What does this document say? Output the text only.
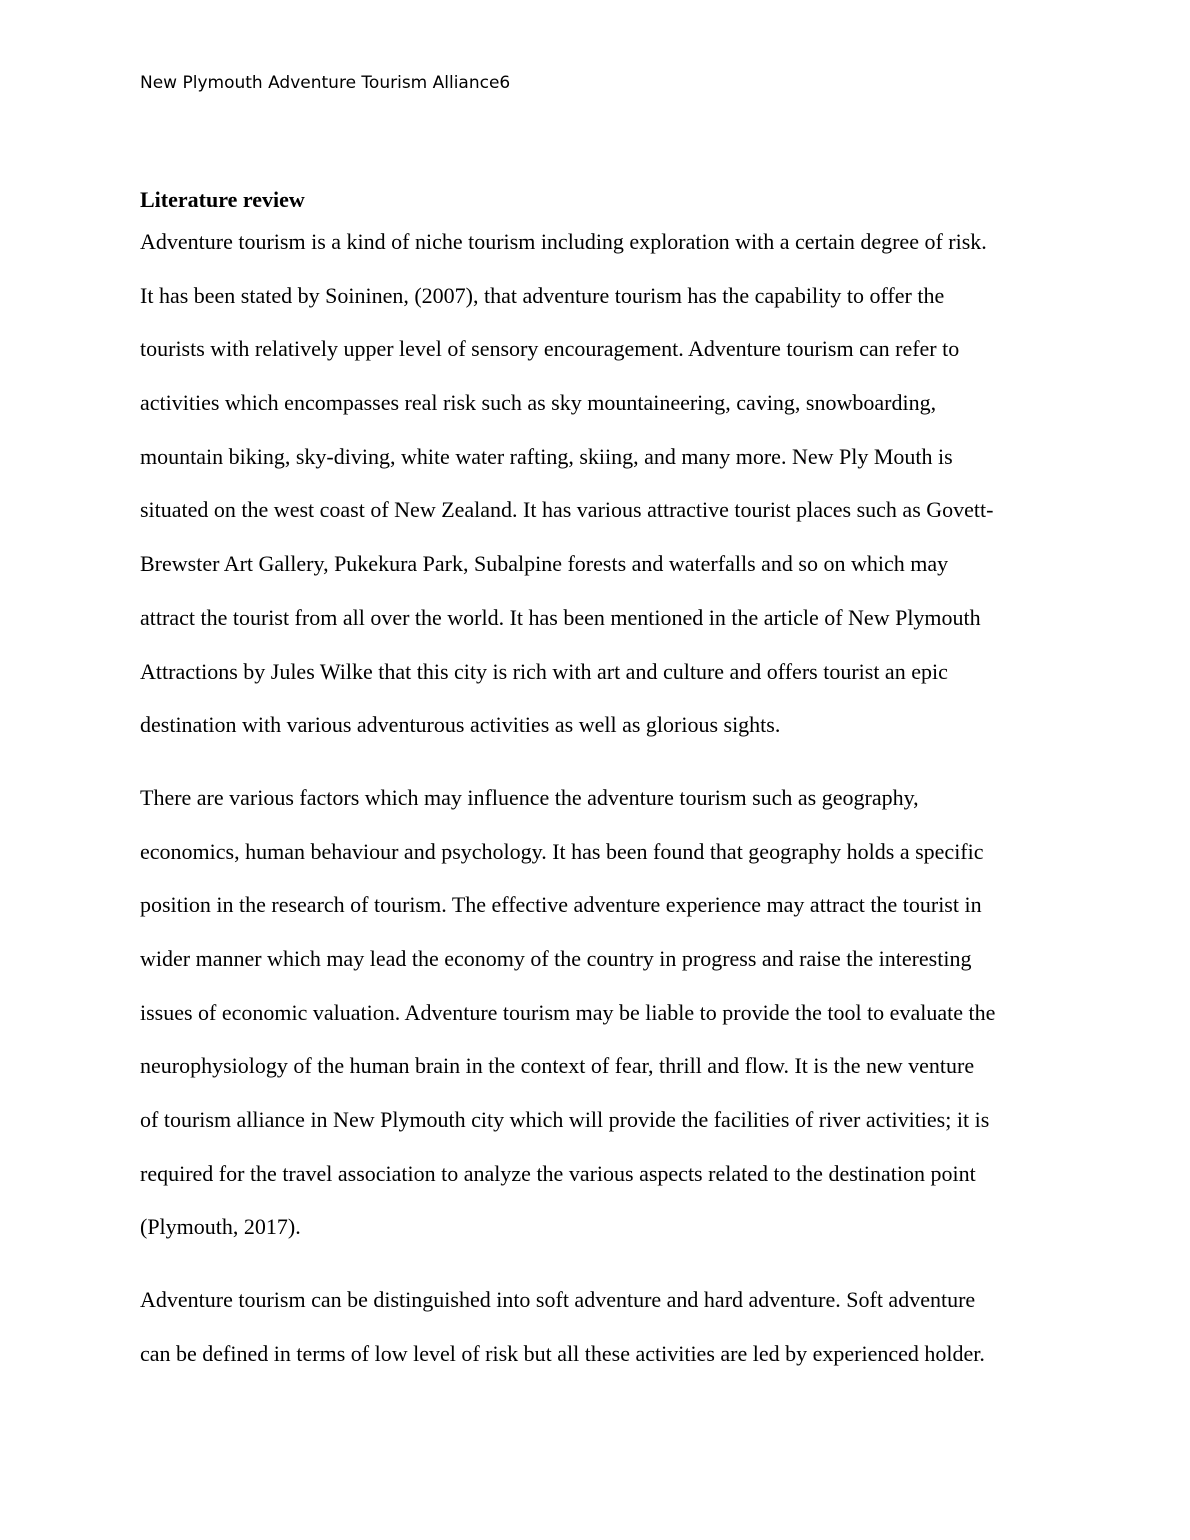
New Plymouth Adventure Tourism Alliance6
Literature review
Adventure tourism is a kind of niche tourism including exploration with a certain degree of risk.
It has been stated by Soininen, (2007), that adventure tourism has the capability to offer the
tourists with relatively upper level of sensory encouragement. Adventure tourism can refer to
activities which encompasses real risk such as sky mountaineering, caving, snowboarding,
mountain biking, sky-diving, white water rafting, skiing, and many more. New Ply Mouth is
situated on the west coast of New Zealand. It has various attractive tourist places such as Govett-
Brewster Art Gallery, Pukekura Park, Subalpine forests and waterfalls and so on which may
attract the tourist from all over the world. It has been mentioned in the article of New Plymouth
Attractions by Jules Wilke that this city is rich with art and culture and offers tourist an epic
destination with various adventurous activities as well as glorious sights.
There are various factors which may influence the adventure tourism such as geography,
economics, human behaviour and psychology. It has been found that geography holds a specific
position in the research of tourism. The effective adventure experience may attract the tourist in
wider manner which may lead the economy of the country in progress and raise the interesting
issues of economic valuation. Adventure tourism may be liable to provide the tool to evaluate the
neurophysiology of the human brain in the context of fear, thrill and flow. It is the new venture
of tourism alliance in New Plymouth city which will provide the facilities of river activities; it is
required for the travel association to analyze the various aspects related to the destination point
(Plymouth, 2017).
Adventure tourism can be distinguished into soft adventure and hard adventure. Soft adventure
can be defined in terms of low level of risk but all these activities are led by experienced holder.
